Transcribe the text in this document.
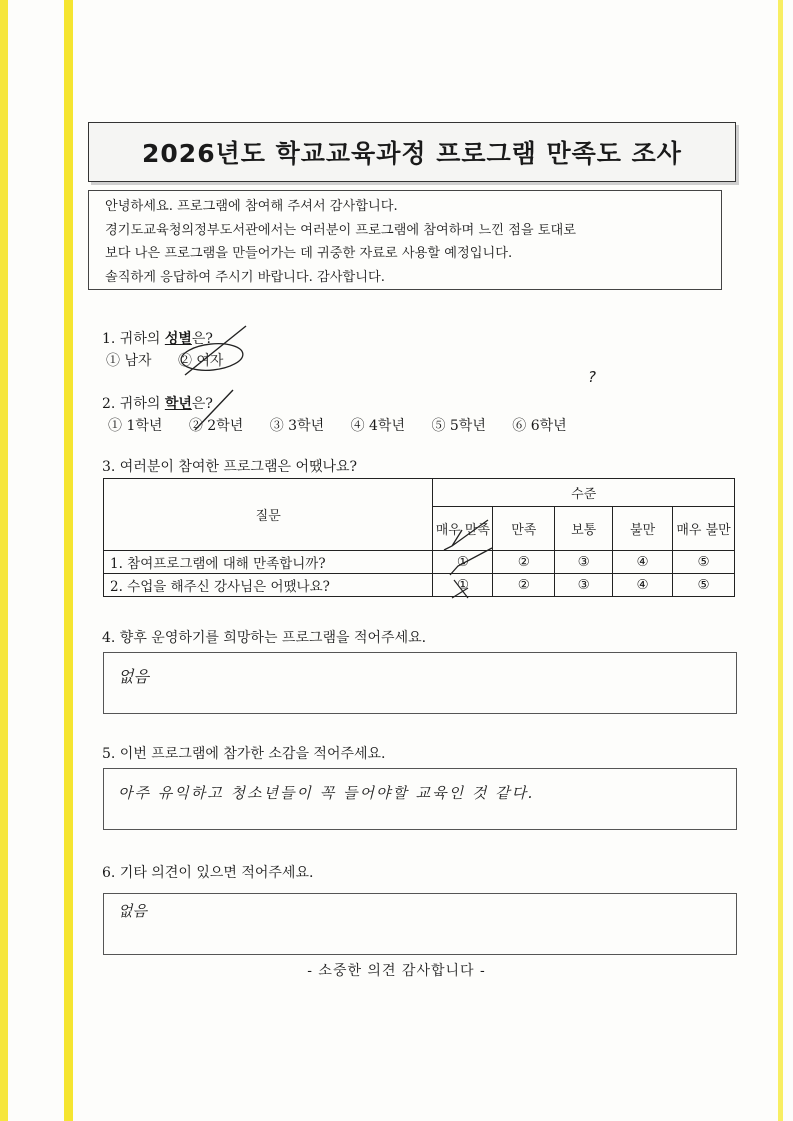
2026년도 학교교육과정 프로그램 만족도 조사
안녕하세요. 프로그램에 참여해 주셔서 감사합니다.
경기도교육청의정부도서관에서는 여러분이 프로그램에 참여하며 느낀 점을 토대로
보다 나은 프로그램을 만들어가는 데 귀중한 자료로 사용할 예정입니다.
솔직하게 응답하여 주시기 바랍니다. 감사합니다.
1. 귀하의 성별은?
① 남자 ② 여자
2. 귀하의 학년은?
?
① 1학년 ② 2학년 ③ 3학년 ④ 4학년 ⑤ 5학년 ⑥ 6학년
3. 여러분이 참여한 프로그램은 어땠나요?
질문	수준				
	매우 만족	만족	보통	불만	매우 불만
1. 참여프로그램에 대해 만족합니까?	①	②	③	④	⑤
2. 수업을 해주신 강사님은 어땠나요?	①	②	③	④	⑤
4. 향후 운영하기를 희망하는 프로그램을 적어주세요.
없음
5. 이번 프로그램에 참가한 소감을 적어주세요.
아주 유익하고 청소년들이 꼭 들어야할 교육인 것 같다.
6. 기타 의견이 있으면 적어주세요.
없음
- 소중한 의견 감사합니다 -
